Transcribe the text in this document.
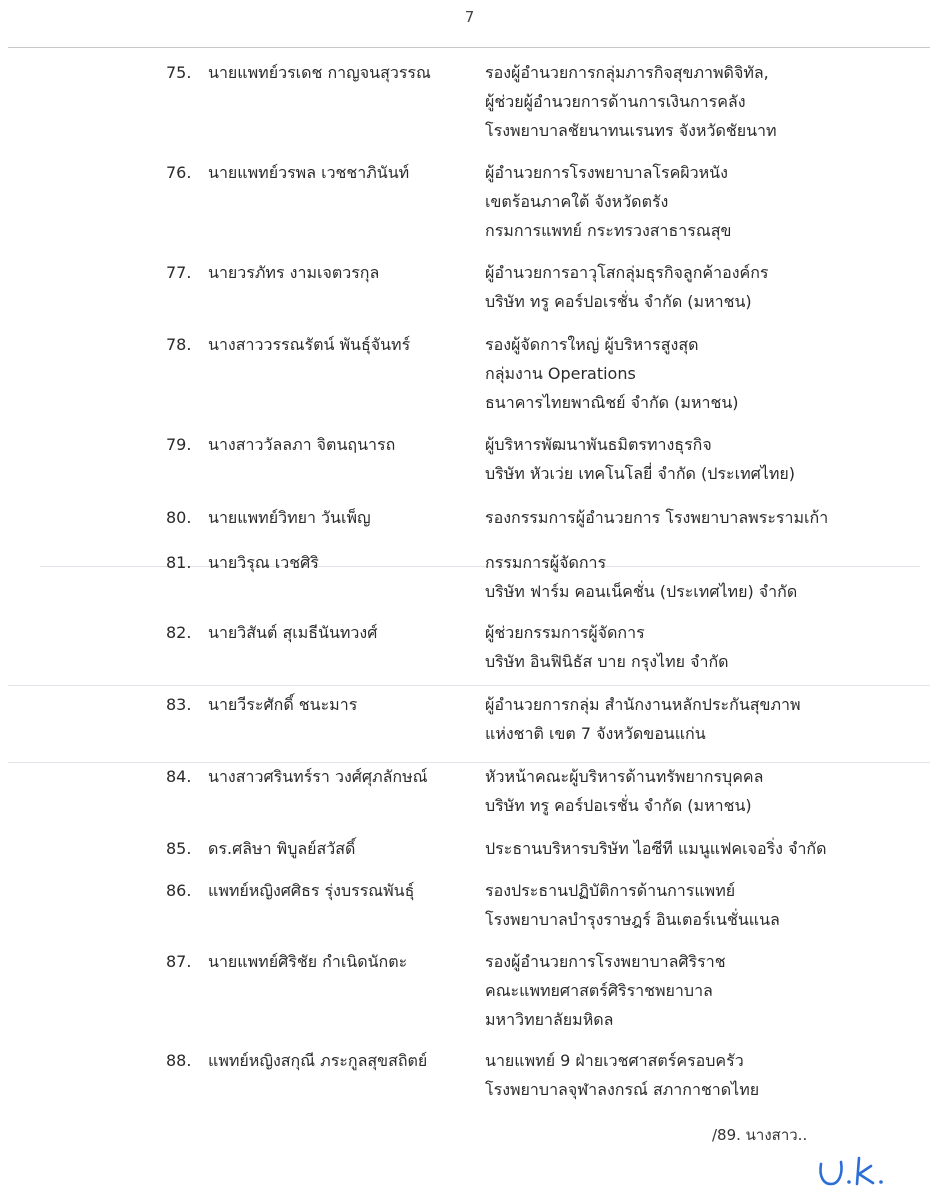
7
75.	นายแพทย์วรเดช กาญจนสุวรรณ	รองผู้อำนวยการกลุ่มภารกิจสุขภาพดิจิทัล,
ผู้ช่วยผู้อำนวยการด้านการเงินการคลัง
โรงพยาบาลชัยนาทนเรนทร จังหวัดชัยนาท
76.	นายแพทย์วรพล เวชชาภินันท์	ผู้อำนวยการโรงพยาบาลโรคผิวหนัง
เขตร้อนภาคใต้ จังหวัดตรัง
กรมการแพทย์ กระทรวงสาธารณสุข
77.	นายวรภัทร งามเจตวรกุล	ผู้อำนวยการอาวุโสกลุ่มธุรกิจลูกค้าองค์กร
บริษัท ทรู คอร์ปอเรชั่น จำกัด (มหาชน)
78.	นางสาววรรณรัตน์ พันธุ์จันทร์	รองผู้จัดการใหญ่ ผู้บริหารสูงสุด
กลุ่มงาน Operations
ธนาคารไทยพาณิชย์ จำกัด (มหาชน)
79.	นางสาววัลลภา จิตนฤนารถ	ผู้บริหารพัฒนาพันธมิตรทางธุรกิจ
บริษัท หัวเว่ย เทคโนโลยี่ จำกัด (ประเทศไทย)
80.	นายแพทย์วิทยา วันเพ็ญ	รองกรรมการผู้อำนวยการ โรงพยาบาลพระรามเก้า
81.	นายวิรุณ เวชศิริ	กรรมการผู้จัดการ
บริษัท ฟาร์ม คอนเน็คชั่น (ประเทศไทย) จำกัด
82.	นายวิสันต์ สุเมธีนันทวงศ์	ผู้ช่วยกรรมการผู้จัดการ
บริษัท อินฟินิธัส บาย กรุงไทย จำกัด
83.	นายวีระศักดิ์ ชนะมาร	ผู้อำนวยการกลุ่ม สำนักงานหลักประกันสุขภาพ
แห่งชาติ เขต 7 จังหวัดขอนแก่น
84.	นางสาวศรินทร์รา วงศ์ศุภลักษณ์	หัวหน้าคณะผู้บริหารด้านทรัพยากรบุคคล
บริษัท ทรู คอร์ปอเรชั่น จำกัด (มหาชน)
85.	ดร.ศลิษา พิบูลย์สวัสดิ์	ประธานบริหารบริษัท ไอซีที แมนูแฟคเจอริ่ง จำกัด
86.	แพทย์หญิงศศิธร รุ่งบรรณพันธุ์	รองประธานปฏิบัติการด้านการแพทย์
โรงพยาบาลบำรุงราษฎร์ อินเตอร์เนชั่นแนล
87.	นายแพทย์ศิริชัย กำเนิดนักตะ	รองผู้อำนวยการโรงพยาบาลศิริราช
คณะแพทยศาสตร์ศิริราชพยาบาล
มหาวิทยาลัยมหิดล
88.	แพทย์หญิงสกุณี ภระกูลสุขสถิตย์	นายแพทย์ 9 ฝ่ายเวชศาสตร์ครอบครัว
โรงพยาบาลจุฬาลงกรณ์ สภากาชาดไทย
/89. นางสาว..
